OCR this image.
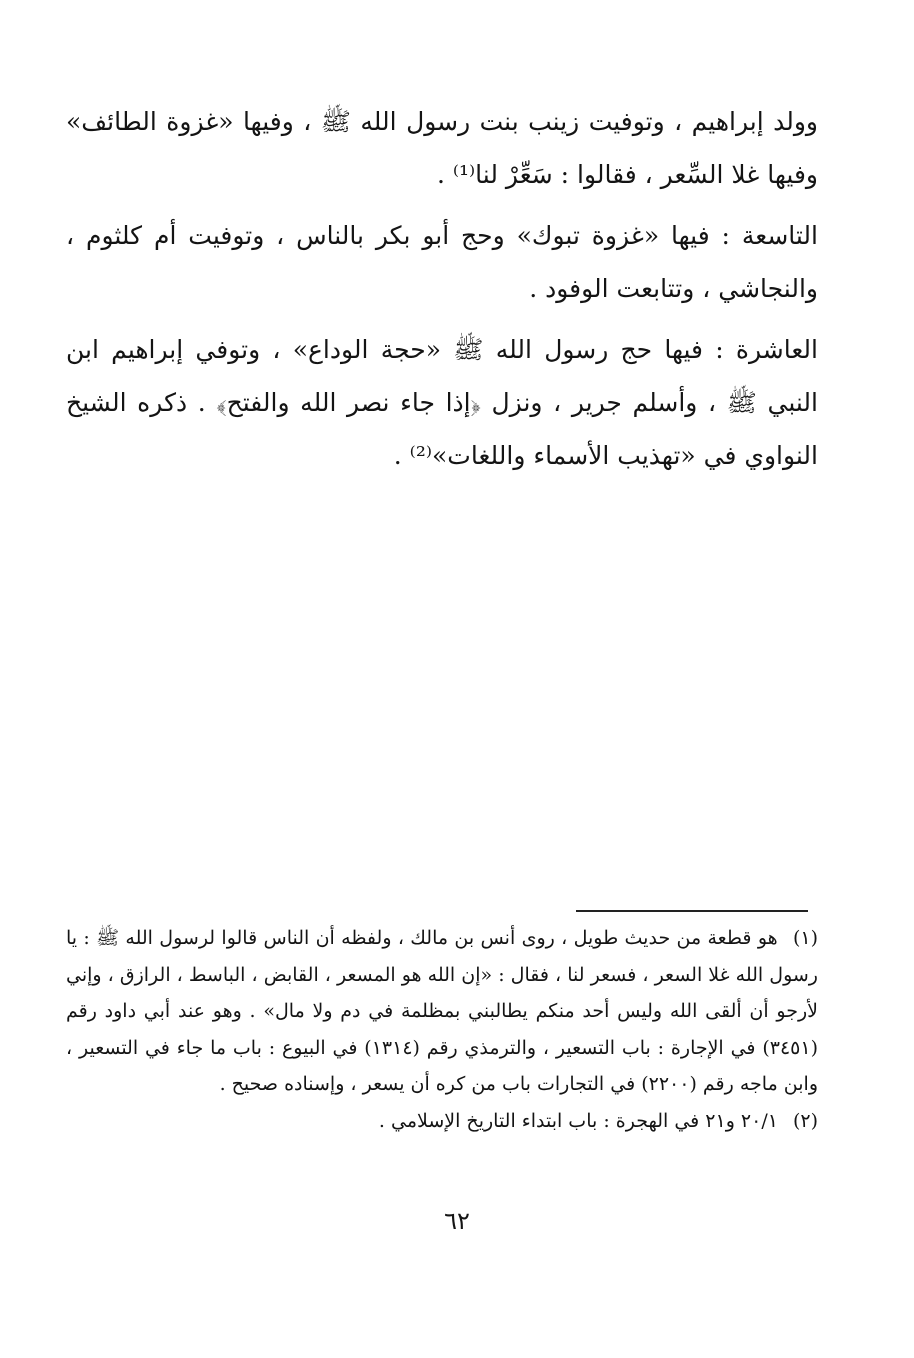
وولد إبراهيم ، وتوفيت زينب بنت رسول الله ﷺ ، وفيها «غزوة الطائف» وفيها غلا السِّعر ، فقالوا : سَعِّرْ لنا⁽¹⁾ .

التاسعة : فيها «غزوة تبوك» وحج أبو بكر بالناس ، وتوفيت أم كلثوم ، والنجاشي ، وتتابعت الوفود .

العاشرة : فيها حج رسول الله ﷺ «حجة الوداع» ، وتوفي إبراهيم ابن النبي ﷺ ، وأسلم جرير ، ونزل ﴿إذا جاء نصر الله والفتح﴾ . ذكره الشيخ النواوي في «تهذيب الأسماء واللغات»⁽²⁾ .

(١) هو قطعة من حديث طويل ، روى أنس بن مالك ، ولفظه أن الناس قالوا لرسول الله ﷺ : يا رسول الله غلا السعر ، فسعر لنا ، فقال : «إن الله هو المسعر ، القابض ، الباسط ، الرازق ، وإني لأرجو أن ألقى الله وليس أحد منكم يطالبني بمظلمة في دم ولا مال» . وهو عند أبي داود رقم (٣٤٥١) في الإجارة : باب التسعير ، والترمذي رقم (١٣١٤) في البيوع : باب ما جاء في التسعير ، وابن ماجه رقم (٢٢٠٠) في التجارات باب من كره أن يسعر ، وإسناده صحيح .

(٢) ٢٠/١ و٢١ في الهجرة : باب ابتداء التاريخ الإسلامي .

٦٢
